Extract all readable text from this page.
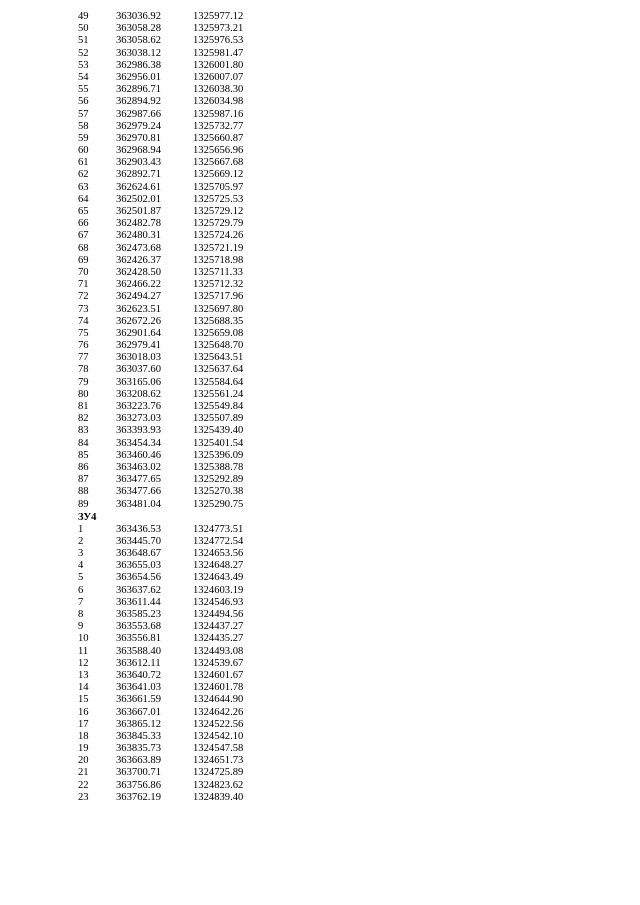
49	363036.92	1325977.12
50	363058.28	1325973.21
51	363058.62	1325976.53
52	363038.12	1325981.47
53	362986.38	1326001.80
54	362956.01	1326007.07
55	362896.71	1326038.30
56	362894.92	1326034.98
57	362987.66	1325987.16
58	362979.24	1325732.77
59	362970.81	1325660.87
60	362968.94	1325656.96
61	362903.43	1325667.68
62	362892.71	1325669.12
63	362624.61	1325705.97
64	362502.01	1325725.53
65	362501.87	1325729.12
66	362482.78	1325729.79
67	362480.31	1325724.26
68	362473.68	1325721.19
69	362426.37	1325718.98
70	362428.50	1325711.33
71	362466.22	1325712.32
72	362494.27	1325717.96
73	362623.51	1325697.80
74	362672.26	1325688.35
75	362901.64	1325659.08
76	362979.41	1325648.70
77	363018.03	1325643.51
78	363037.60	1325637.64
79	363165.06	1325584.64
80	363208.62	1325561.24
81	363223.76	1325549.84
82	363273.03	1325507.89
83	363393.93	1325439.40
84	363454.34	1325401.54
85	363460.46	1325396.09
86	363463.02	1325388.78
87	363477.65	1325292.89
88	363477.66	1325270.38
89	363481.04	1325290.75
ЗУ4
1	363436.53	1324773.51
2	363445.70	1324772.54
3	363648.67	1324653.56
4	363655.03	1324648.27
5	363654.56	1324643.49
6	363637.62	1324603.19
7	363611.44	1324546.93
8	363585.23	1324494.56
9	363553.68	1324437.27
10	363556.81	1324435.27
11	363588.40	1324493.08
12	363612.11	1324539.67
13	363640.72	1324601.67
14	363641.03	1324601.78
15	363661.59	1324644.90
16	363667.01	1324642.26
17	363865.12	1324522.56
18	363845.33	1324542.10
19	363835.73	1324547.58
20	363663.89	1324651.73
21	363700.71	1324725.89
22	363756.86	1324823.62
23	363762.19	1324839.40
